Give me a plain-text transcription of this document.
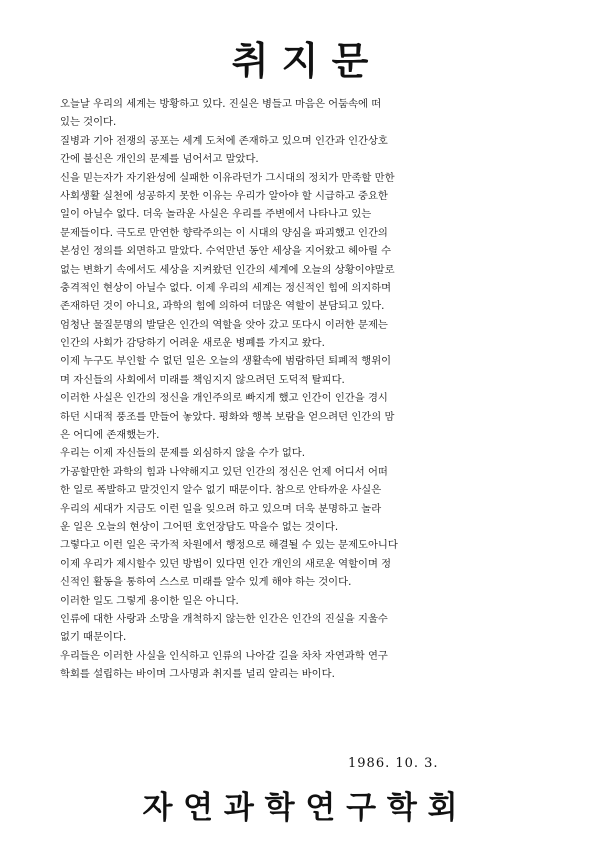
취 지 문
오늘날 우리의 세계는 방황하고 있다. 진실은 병들고 마음은 어둠속에 떠
있는 것이다.
질병과 기아 전쟁의 공포는 세계 도처에 존재하고 있으며 인간과 인간상호
간에 불신은 개인의 문제를 넘어서고 말았다.
신을 믿는자가 자기완성에 실패한 이유라던가 그시대의 정치가 만족할 만한
사회생활 실천에 성공하지 못한 이유는 우리가 알아야 할 시급하고 중요한
일이 아닐수 없다. 더욱 놀라운 사실은 우리를 주변에서 나타나고 있는
문제들이다. 극도로 만연한 향락주의는 이 시대의 양심을 파괴했고 인간의
본성인 정의를 외면하고 말았다. 수억만년 동안 세상을 지어왔고 헤아릴 수
없는 변화기 속에서도 세상을 지켜왔던 인간의 세계에 오늘의 상황이야말로
충격적인 현상이 아닐수 없다. 이제 우리의 세계는 정신적인 힘에 의지하며
존재하던 것이 아니요, 과학의 힘에 의하여 더많은 역할이 분담되고 있다.
엄청난 물질문명의 발달은 인간의 역할을 앗아 갔고 또다시 이러한 문제는
인간의 사회가 감당하기 어려운 새로운 병폐를 가지고 왔다.
이제 누구도 부인할 수 없던 일은 오늘의 생활속에 범람하던 퇴폐적 행위이
며 자신들의 사회에서 미래를 책임지지 않으려던 도덕적 탈피다.
이러한 사실은 인간의 정신을 개인주의로 빠지게 했고 인간이 인간을 경시
하던 시대적 풍조를 만들어 놓았다. 평화와 행복 보람을 얻으려던 인간의 맘
은 어디에 존재했는가.
우리는 이제 자신들의 문제를 외심하지 않을 수가 없다.
가공할만한 과학의 힘과 나약해지고 있던 인간의 정신은 언제 어디서 어떠
한 일로 폭발하고 말것인지 알수 없기 때문이다. 참으로 안타까운 사실은
우리의 세대가 지금도 이런 일을 잊으려 하고 있으며 더욱 분명하고 놀라
운 일은 오늘의 현상이 그어떤 호언장담도 막을수 없는 것이다.
그렇다고 이런 일은 국가적 차원에서 행정으로 해결될 수 있는 문제도아니다
이제 우리가 제시할수 있던 방법이 있다면 인간 개인의 새로운 역할이며 정
신적인 활동을 통하여 스스로 미래를 알수 있게 해야 하는 것이다.
이러한 일도 그렇게 용이한 일은 아니다.
인류에 대한 사랑과 소망을 개척하지 않는한 인간은 인간의 진실을 지울수
없기 때문이다.
우리들은 이러한 사실을 인식하고 인류의 나아갈 길을 차차 자연과학 연구
학회를 설립하는 바이며 그사명과 취지를 널리 알리는 바이다.
1986. 10. 3.
자 연 과 학 연 구 학 회
